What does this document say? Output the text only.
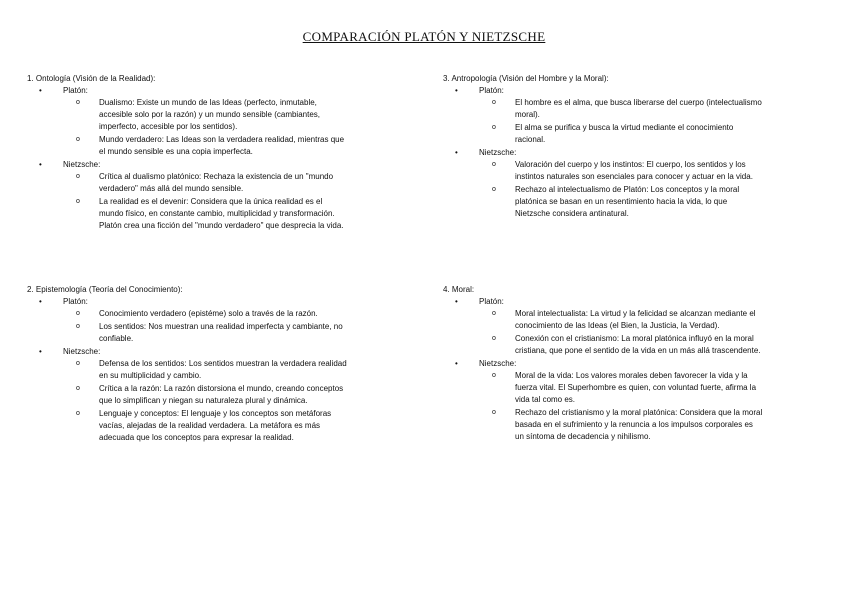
COMPARACIÓN PLATÓN Y NIETZSCHE

1. Ontología (Visión de la Realidad):

• Platón:

o Dualismo: Existe un mundo de las Ideas (perfecto, inmutable, accesible solo por la razón) y un mundo sensible (cambiantes, imperfecto, accesible por los sentidos).

o Mundo verdadero: Las Ideas son la verdadera realidad, mientras que el mundo sensible es una copia imperfecta.

• Nietzsche:

o Crítica al dualismo platónico: Rechaza la existencia de un "mundo verdadero" más allá del mundo sensible.

o La realidad es el devenir: Considera que la única realidad es el mundo físico, en constante cambio, multiplicidad y transformación. Platón crea una ficción del "mundo verdadero" que desprecia la vida.

2. Epistemología (Teoría del Conocimiento):

• Platón:

o Conocimiento verdadero (epistéme) solo a través de la razón.

o Los sentidos: Nos muestran una realidad imperfecta y cambiante, no confiable.

• Nietzsche:

o Defensa de los sentidos: Los sentidos muestran la verdadera realidad en su multiplicidad y cambio.

o Crítica a la razón: La razón distorsiona el mundo, creando conceptos que lo simplifican y niegan su naturaleza plural y dinámica.

o Lenguaje y conceptos: El lenguaje y los conceptos son metáforas vacías, alejadas de la realidad verdadera. La metáfora es más adecuada que los conceptos para expresar la realidad.

3. Antropología (Visión del Hombre y la Moral):

• Platón:

o El hombre es el alma, que busca liberarse del cuerpo (intelectualismo moral).

o El alma se purifica y busca la virtud mediante el conocimiento racional.

• Nietzsche:

o Valoración del cuerpo y los instintos: El cuerpo, los sentidos y los instintos naturales son esenciales para conocer y actuar en la vida.

o Rechazo al intelectualismo de Platón: Los conceptos y la moral platónica se basan en un resentimiento hacia la vida, lo que Nietzsche considera antinatural.

4. Moral:

• Platón:

o Moral intelectualista: La virtud y la felicidad se alcanzan mediante el conocimiento de las Ideas (el Bien, la Justicia, la Verdad).

o Conexión con el cristianismo: La moral platónica influyó en la moral cristiana, que pone el sentido de la vida en un más allá trascendente.

• Nietzsche:

o Moral de la vida: Los valores morales deben favorecer la vida y la fuerza vital. El Superhombre es quien, con voluntad fuerte, afirma la vida tal como es.

o Rechazo del cristianismo y la moral platónica: Considera que la moral basada en el sufrimiento y la renuncia a los impulsos corporales es un síntoma de decadencia y nihilismo.
